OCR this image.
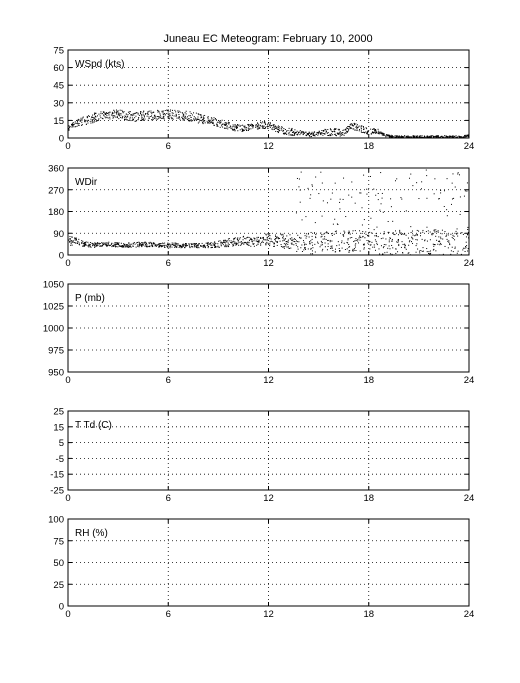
Juneau EC Meteogram: February 10, 2000
0	6	12	18	24
0
15
30
45
60
75
WSpd (kts)
0	6	12	18	24
0
90
180
270
360
WDir
0	6	12	18	24
950
975
1000
1025
1050
P (mb)
0	6	12	18	24
-25
-15
-5
5
15
25
T Td (C)
0	6	12	18	24
0
25
50
75
100
RH (%)
